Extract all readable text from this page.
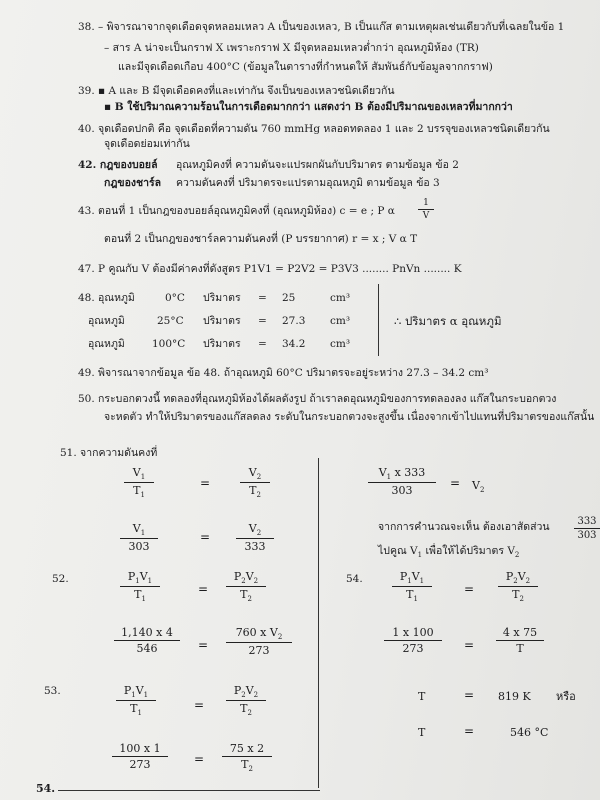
38. – พิจารณาจากจุดเดือดจุดหลอมเหลว A เป็นของเหลว, B เป็นแก๊ส ตามเหตุผลเช่นเดียวกับที่เฉลยในข้อ 1
– สาร A น่าจะเป็นกราฟ X เพราะกราฟ X มีจุดหลอมเหลวต่ำกว่า อุณหภูมิห้อง (TR)
และมีจุดเดือดเกือบ 400°C (ข้อมูลในตารางที่กำหนดให้ สัมพันธ์กับข้อมูลจากกราฟ)
39. ▪ A และ B มีจุดเดือดคงที่และเท่ากัน จึงเป็นของเหลวชนิดเดียวกัน
▪ B ใช้ปริมาณความร้อนในการเดือดมากกว่า แสดงว่า B ต้องมีปริมาณของเหลวที่มากกว่า
40. จุดเดือดปกติ คือ จุดเดือดที่ความดัน 760 mmHg หลอดทดลอง 1 และ 2 บรรจุของเหลวชนิดเดียวกัน
จุดเดือดย่อมเท่ากัน
42. กฎของบอยล์ อุณหภูมิคงที่ ความดันจะแปรผกผันกับปริมาตร ตามข้อมูล ข้อ 2
กฎของชาร์ล ความดันคงที่ ปริมาตรจะแปรตามอุณหภูมิ ตามข้อมูล ข้อ 3
43. ตอนที่ 1 เป็นกฎของบอยล์อุณหภูมิคงที่ (อุณหภูมิห้อง) c = e ; P α	$\frac{1}{V}$
ตอนที่ 2 เป็นกฎของชาร์ลความดันคงที่ (P บรรยากาศ) r = x ; V α T
47. P คูณกับ V ต้องมีค่าคงที่ดังสูตร P1V1 = P2V2 = P3V3 ........ PnVn ........ K
48. อุณหภูมิ	0°C ปริมาตร = 25	cm³
อุณหภูมิ	25°C ปริมาตร = 27.3 cm³
อุณหภูมิ	100°C ปริมาตร = 34.2 cm³
∴ ปริมาตร α อุณหภูมิ
49. พิจารณาจากข้อมูล ข้อ 48. ถ้าอุณหภูมิ 60°C ปริมาตรจะอยู่ระหว่าง 27.3 – 34.2 cm³
50. กระบอกตวงนี้ ทดลองที่อุณหภูมิห้องได้ผลดังรูป ถ้าเราลดอุณหภูมิของการทดลองลง แก๊สในกระบอกตวง
จะหดตัว ทำให้ปริมาตรของแก๊สลดลง ระดับในกระบอกตวงจะสูงขึ้น เนื่องจากเข้าไปแทนที่ปริมาตรของแก๊สนั้น
51. จากความดันคงที่
$\frac{V_1}{T_1}$	=	$\frac{V_2}{T_2}$
$\frac{V_1}{303}$	= $\frac{V_2}{333}$
$\frac{V_1 x 333}{303} = V_2$
จากการคำนวณจะเห็น ต้องเอาสัดส่วน $\frac{333}{303}$
ไปคูณ $V_1$ เพื่อให้ได้ปริมาตร $V_2$
52.	$\frac{P_1V_1}{T_1}$	= $\frac{P_2V_2}{T_2}$
$\frac{1,140 x 4}{546} = \frac{760 x V_2}{273}$
54.	$\frac{P_1V_1}{T_1}$	= $\frac{P_2V_2}{T_2}$
$\frac{1 x 100}{273} = \frac{4 x 75}{T}$
53.	$\frac{P_1V_1}{T_1}$	= $\frac{P_2V_2}{T_2}$
$\frac{100 x 1}{273} = \frac{75 x 2}{T_2}$
T	= 819 K หรือ
T	=	546 °C
54.
